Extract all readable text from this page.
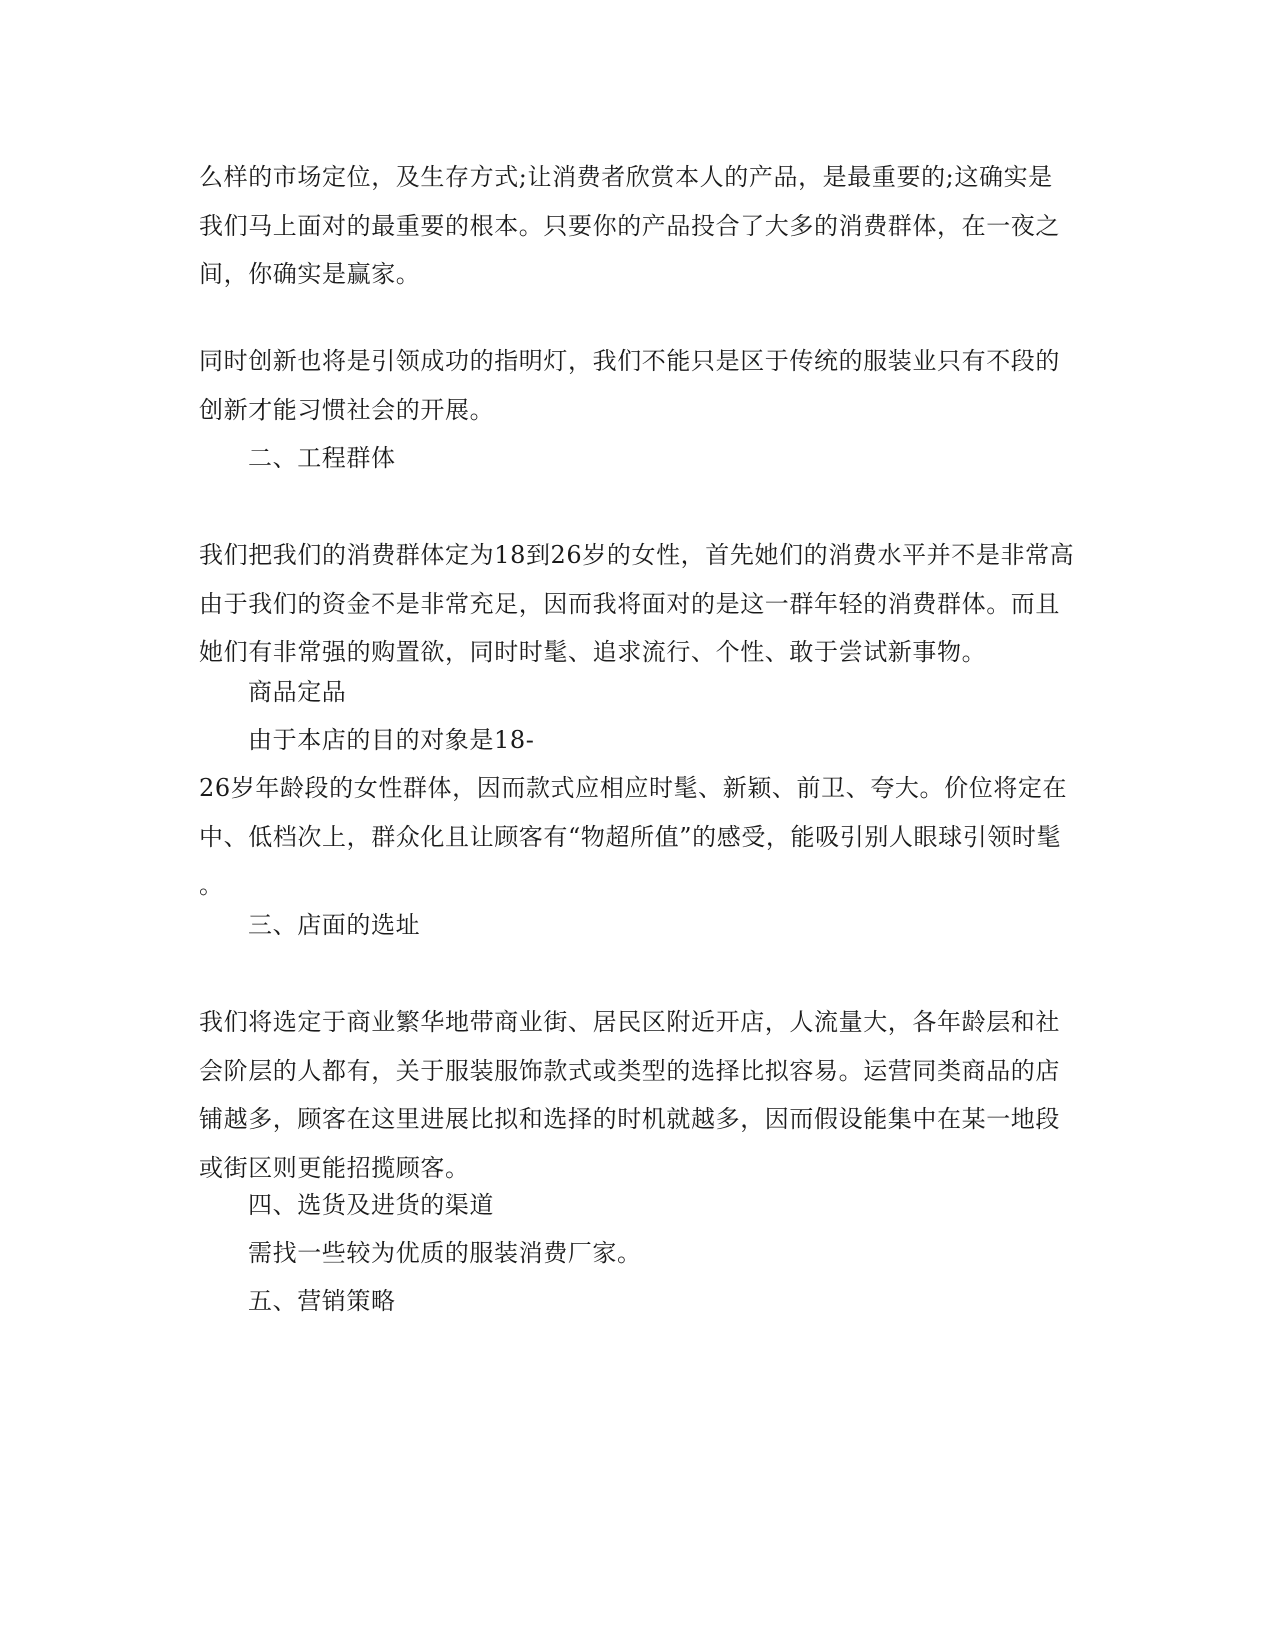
么样的市场定位，及生存方式;让消费者欣赏本人的产品，是最重要的;这确实是
我们马上面对的最重要的根本。只要你的产品投合了大多的消费群体，在一夜之
间，你确实是赢家。

同时创新也将是引领成功的指明灯，我们不能只是区于传统的服装业只有不段的
创新才能习惯社会的开展。

二、工程群体

我们把我们的消费群体定为18到26岁的女性，首先她们的消费水平并不是非常高
由于我们的资金不是非常充足，因而我将面对的是这一群年轻的消费群体。而且
她们有非常强的购置欲，同时时髦、追求流行、个性、敢于尝试新事物。

商品定品

由于本店的目的对象是18-

26岁年龄段的女性群体，因而款式应相应时髦、新颖、前卫、夸大。价位将定在
中、低档次上，群众化且让顾客有“物超所值”的感受，能吸引别人眼球引领时髦
。

三、店面的选址

我们将选定于商业繁华地带商业街、居民区附近开店，人流量大，各年龄层和社
会阶层的人都有，关于服装服饰款式或类型的选择比拟容易。运营同类商品的店
铺越多，顾客在这里进展比拟和选择的时机就越多，因而假设能集中在某一地段
或街区则更能招揽顾客。

四、选货及进货的渠道

需找一些较为优质的服装消费厂家。

五、营销策略
